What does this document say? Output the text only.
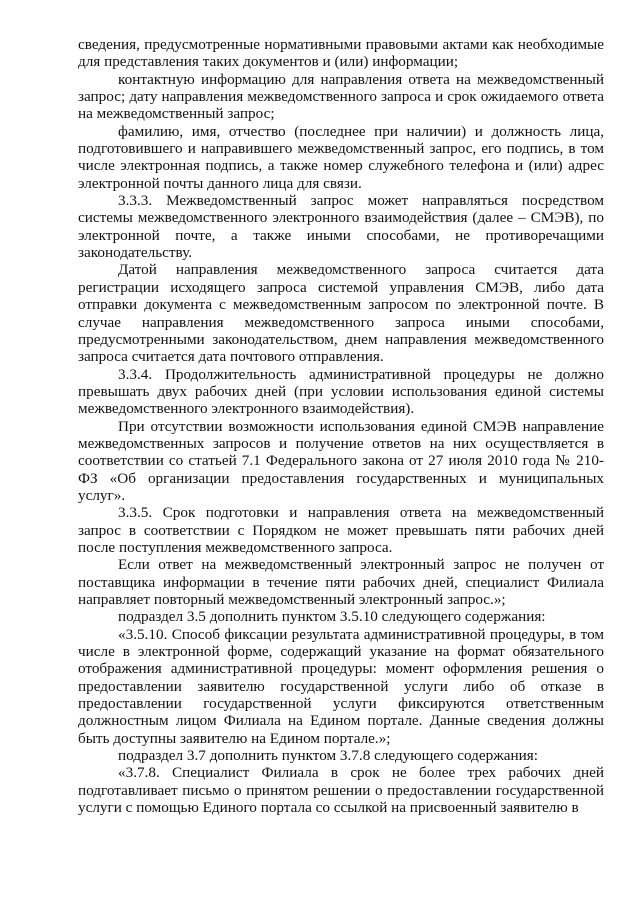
сведения, предусмотренные нормативными правовыми актами как необходимые для представления таких документов и (или) информации;

контактную информацию для направления ответа на межведомственный запрос; дату направления межведомственного запроса и срок ожидаемого ответа на межведомственный запрос;

фамилию, имя, отчество (последнее при наличии) и должность лица, подготовившего и направившего межведомственный запрос, его подпись, в том числе электронная подпись, а также номер служебного телефона и (или) адрес электронной почты данного лица для связи.

3.3.3. Межведомственный запрос может направляться посредством системы межведомственного электронного взаимодействия (далее – СМЭВ), по электронной почте, а также иными способами, не противоречащими законодательству.

Датой направления межведомственного запроса считается дата регистрации исходящего запроса системой управления СМЭВ, либо дата отправки документа с межведомственным запросом по электронной почте. В случае направления межведомственного запроса иными способами, предусмотренными законодательством, днем направления межведомственного запроса считается дата почтового отправления.

3.3.4. Продолжительность административной процедуры не должно превышать двух рабочих дней (при условии использования единой системы межведомственного электронного взаимодействия).

При отсутствии возможности использования единой СМЭВ направление межведомственных запросов и получение ответов на них осуществляется в соответствии со статьей 7.1 Федерального закона от 27 июля 2010 года № 210-ФЗ «Об организации предоставления государственных и муниципальных услуг».

3.3.5. Срок подготовки и направления ответа на межведомственный запрос в соответствии с Порядком не может превышать пяти рабочих дней после поступления межведомственного запроса.

Если ответ на межведомственный электронный запрос не получен от поставщика информации в течение пяти рабочих дней, специалист Филиала направляет повторный межведомственный электронный запрос.»;

подраздел 3.5 дополнить пунктом 3.5.10 следующего содержания:

«3.5.10. Способ фиксации результата административной процедуры, в том числе в электронной форме, содержащий указание на формат обязательного отображения административной процедуры: момент оформления решения о предоставлении заявителю государственной услуги либо об отказе в предоставлении государственной услуги фиксируются ответственным должностным лицом Филиала на Едином портале. Данные сведения должны быть доступны заявителю на Едином портале.»;

подраздел 3.7 дополнить пунктом 3.7.8 следующего содержания:

«3.7.8. Специалист Филиала в срок не более трех рабочих дней подготавливает письмо о принятом решении о предоставлении государственной услуги с помощью Единого портала со ссылкой на присвоенный заявителю в
